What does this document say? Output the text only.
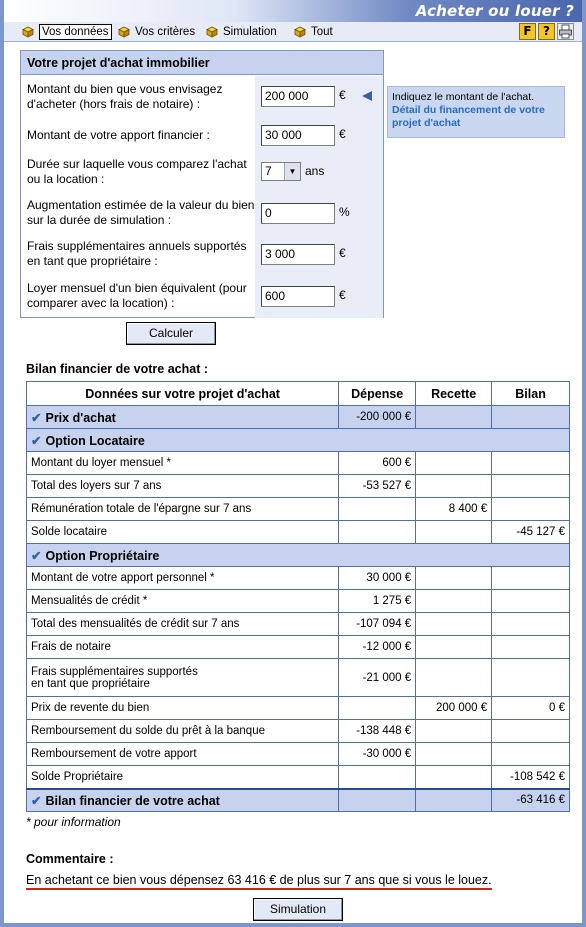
Acheter ou louer ?
Vos données Vos critères Simulation	Tout	F ?
Votre projet d'achat immobilier
Montant du bien que vous envisagez d'acheter (hors frais de notaire) :
200 000	€
Montant de votre apport financier :	30 000	€
Durée sur laquelle vous comparez l'achat ou la location :
7	▼ ans
Augmentation estimée de la valeur du bien sur la durée de simulation :	0	%
Frais supplémentaires annuels supportés en tant que propriétaire :	3 000	€
Loyer mensuel d'un bien équivalent (pour comparer avec la location) :	600	€
Indiquez le montant de l'achat.
Détail du financement de votre projet d'achat
Calculer
Bilan financier de votre achat :
Données sur votre projet d'achat	Dépense	Recette	Bilan
✔ Prix d'achat	-200 000 €		
✔ Option Locataire			
Montant du loyer mensuel *	600 €		
Total des loyers sur 7 ans	-53 527 €		
Rémunération totale de l'épargne sur 7 ans		8 400 €	
Solde locataire			-45 127 €
✔ Option Propriétaire			
Montant de votre apport personnel *	30 000 €		
Mensualités de crédit *	1 275 €		
Total des mensualités de crédit sur 7 ans	-107 094 €		
Frais de notaire	-12 000 €		

Frais supplémentaires supportés
en tant que propriétaire	-21 000 €		
Prix de revente du bien		200 000 €	0 €
Remboursement du solde du prêt à la banque	-138 448 €		
Remboursement de votre apport	-30 000 €		
Solde Propriétaire			-108 542 €
✔ Bilan financier de votre achat			-63 416 €
* pour information
Commentaire :
En achetant ce bien vous dépensez 63 416 € de plus sur 7 ans que si vous le louez.
Simulation
